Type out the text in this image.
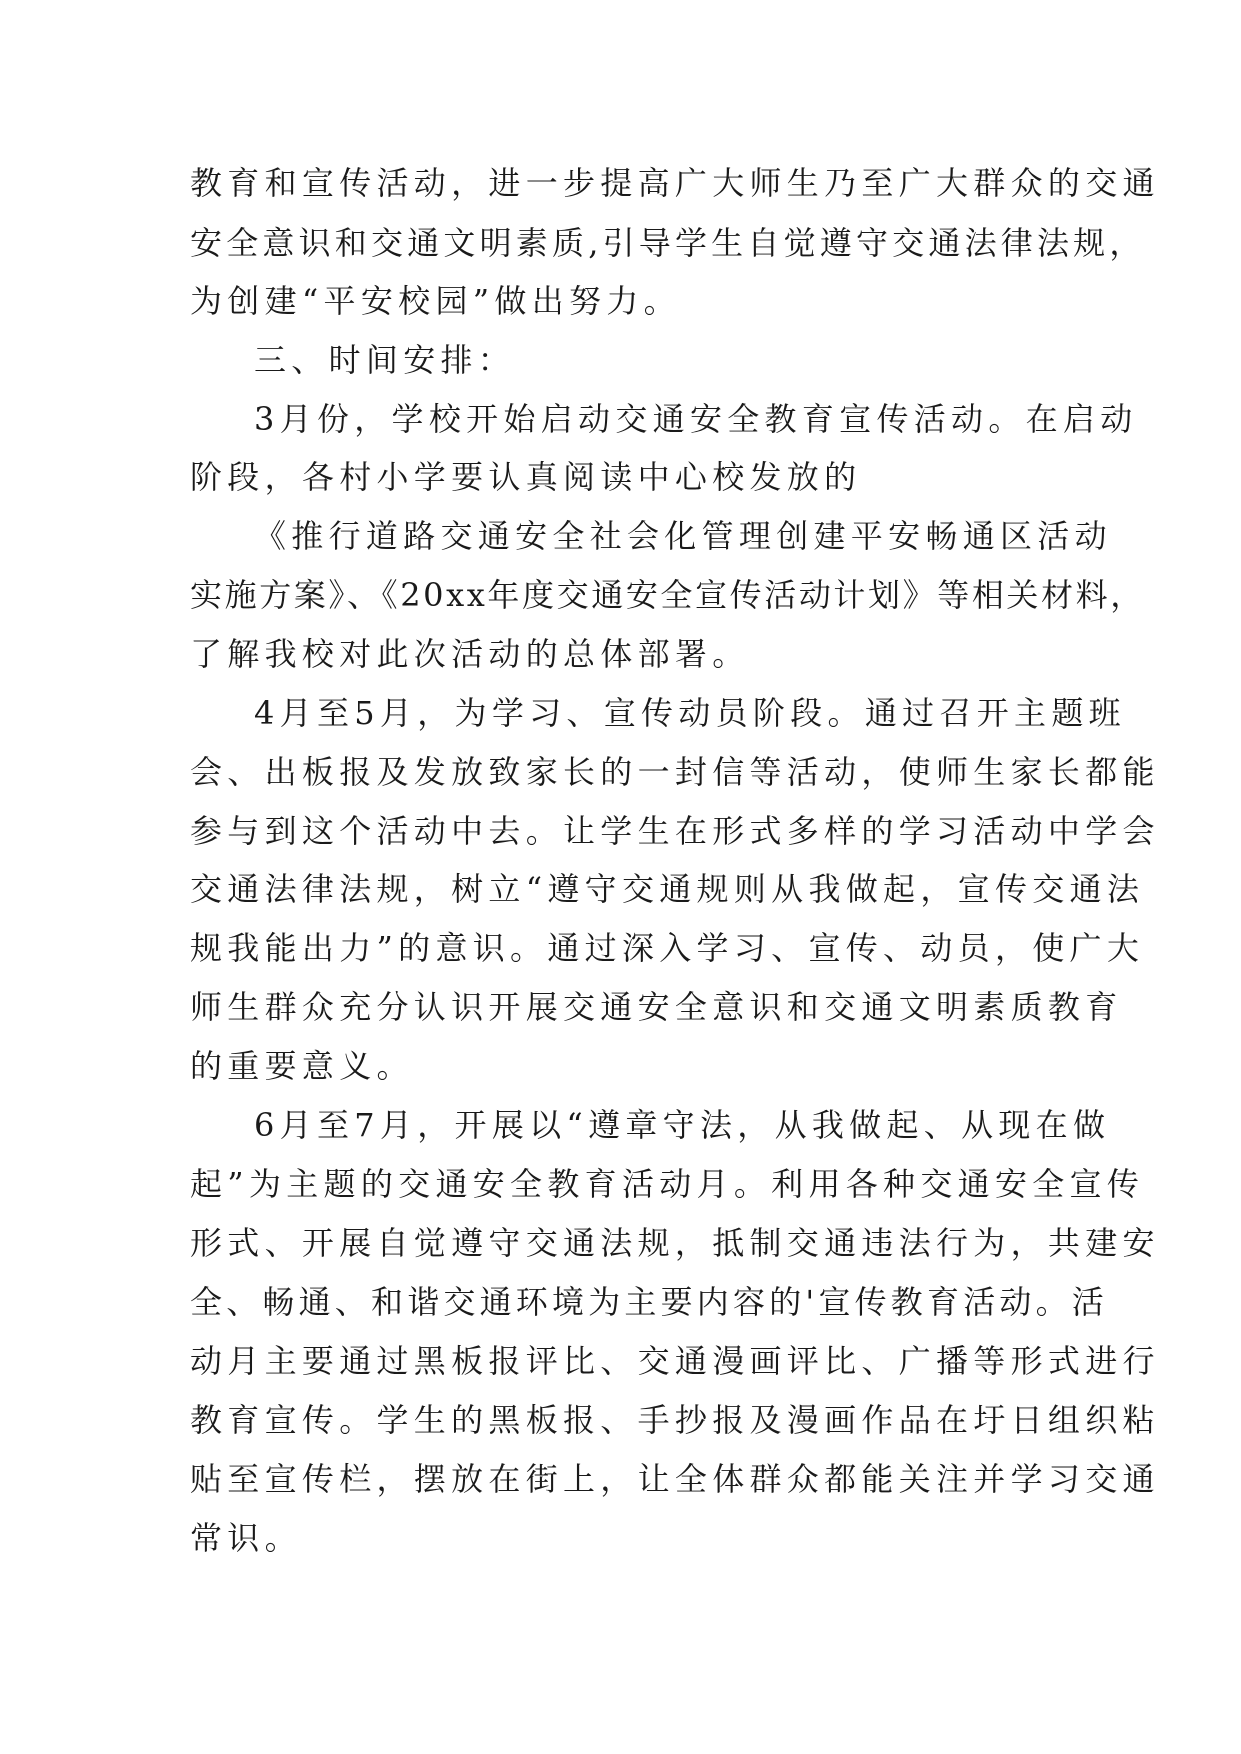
教育和宣传活动，进一步提高广大师生乃至广大群众的交通
安全意识和交通文明素质,引导学生自觉遵守交通法律法规，
为创建“平安校园”做出努力。
三、时间安排：
3月份，学校开始启动交通安全教育宣传活动。在启动
阶段，各村小学要认真阅读中心校发放的
《推行道路交通安全社会化管理创建平安畅通区活动
实施方案》、《20xx年度交通安全宣传活动计划》等相关材料，
了解我校对此次活动的总体部署。
4月至5月，为学习、宣传动员阶段。通过召开主题班
会、出板报及发放致家长的一封信等活动，使师生家长都能
参与到这个活动中去。让学生在形式多样的学习活动中学会
交通法律法规，树立“遵守交通规则从我做起，宣传交通法
规我能出力”的意识。通过深入学习、宣传、动员，使广大
师生群众充分认识开展交通安全意识和交通文明素质教育
的重要意义。
6月至7月，开展以“遵章守法，从我做起、从现在做
起”为主题的交通安全教育活动月。利用各种交通安全宣传
形式、开展自觉遵守交通法规，抵制交通违法行为，共建安
全、畅通、和谐交通环境为主要内容的'宣传教育活动。活
动月主要通过黑板报评比、交通漫画评比、广播等形式进行
教育宣传。学生的黑板报、手抄报及漫画作品在圩日组织粘
贴至宣传栏，摆放在街上，让全体群众都能关注并学习交通
常识。
